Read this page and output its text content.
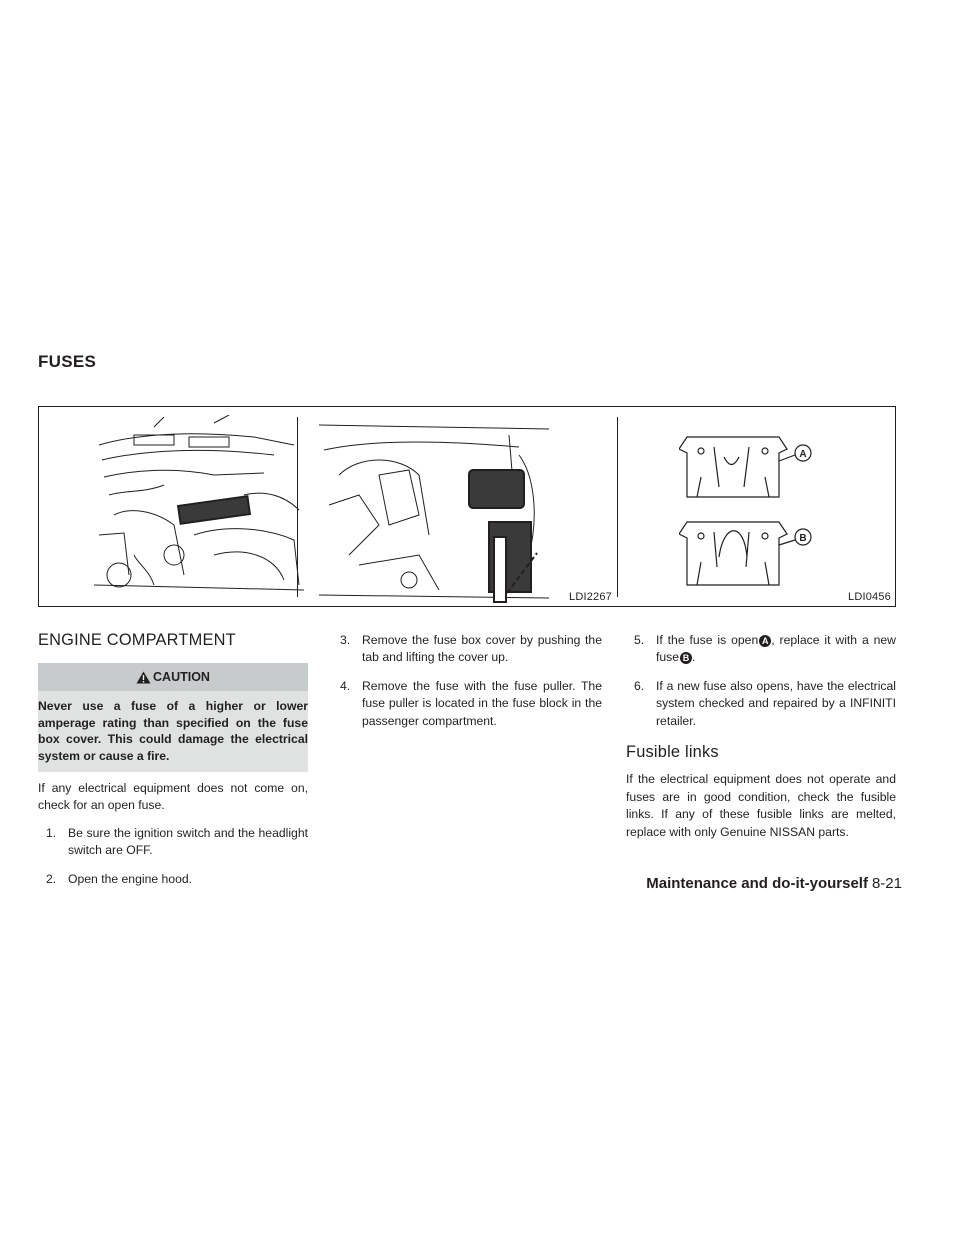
FUSES
A
B
LDI2267	LDI0456
ENGINE COMPARTMENT
CAUTION
Never use a fuse of a higher or lower amperage rating than specified on the fuse box cover. This could damage the electrical system or cause a fire.

If any electrical equipment does not come on, check for an open fuse.

1. Be sure the ignition switch and the headlight switch are OFF.
2. Open the engine hood.
3. Remove the fuse box cover by pushing the tab and lifting the cover up.
4. Remove the fuse with the fuse puller. The fuse puller is located in the fuse block in the passenger compartment.
5. If the fuse is open A , replace it with a new fuse B .
6. If a new fuse also opens, have the electrical system checked and repaired by a INFINITI retailer.
Fusible links

If the electrical equipment does not operate and fuses are in good condition, check the fusible links. If any of these fusible links are melted, replace with only Genuine NISSAN parts.

Maintenance and do-it-yourself 8-21
